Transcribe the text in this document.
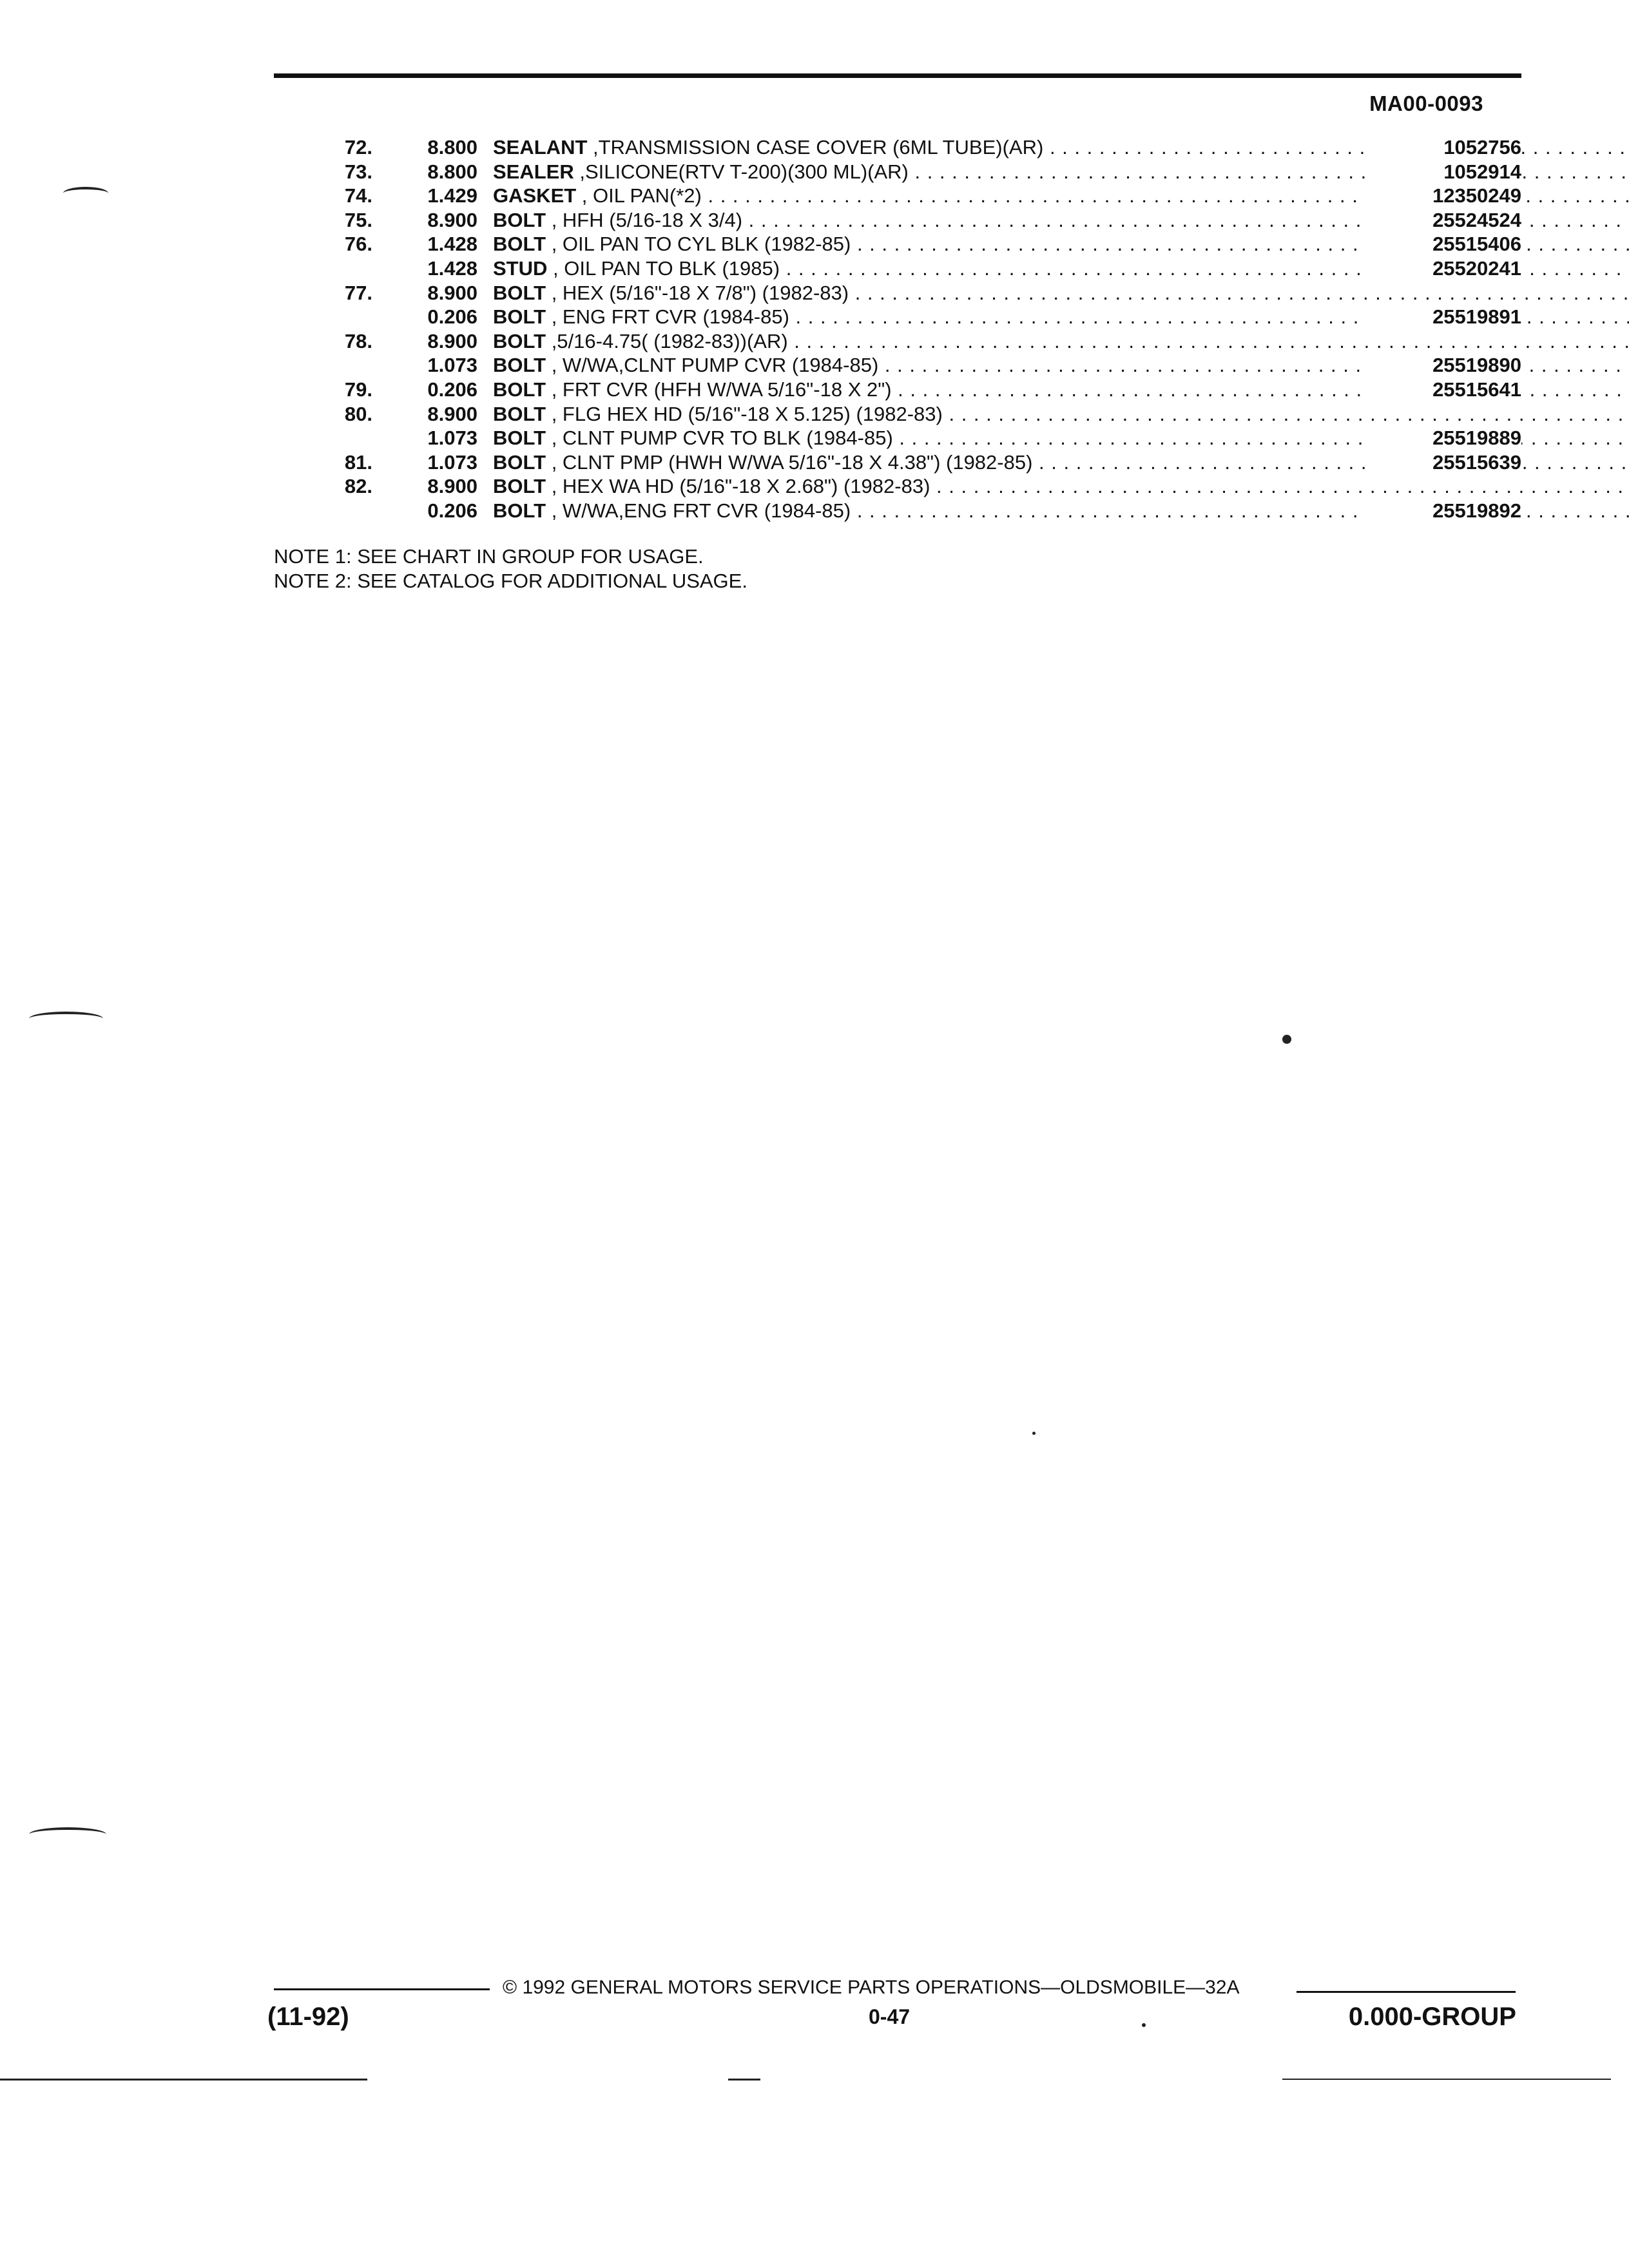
MA00-0093
72.	8.800 SEALANT ,TRANSMISSION CASE COVER (6ML TUBE)(AR) . . .	1052756
73.	8.800 SEALER ,SILICONE(RTV T-200)(300 ML)(AR) . . .	1052914
74.	1.429 GASKET , OIL PAN(*2) . . .	12350249
75.	8.900 BOLT , HFH (5/16-18 X 3/4) . . .	25524524
76.	1.428 BOLT , OIL PAN TO CYL BLK (1982-85) . . .	25515406
1.428 STUD , OIL PAN TO BLK (1985) . . .	25520241
77.	8.900 BOLT , HEX (5/16"-18 X 7/8") (1982-83) . . .
0.206 BOLT , ENG FRT CVR (1984-85) . . .	25519891
78.	8.900 BOLT ,5/16-4.75( (1982-83))(AR) . . .
1.073 BOLT , W/WA,CLNT PUMP CVR (1984-85) . . .	25519890
79.	0.206 BOLT , FRT CVR (HFH W/WA 5/16"-18 X 2") . . .	25515641
80.	8.900 BOLT , FLG HEX HD (5/16"-18 X 5.125) (1982-83) . . .
1.073 BOLT , CLNT PUMP CVR TO BLK (1984-85) . . .	25519889
81.	1.073 BOLT , CLNT PMP (HWH W/WA 5/16"-18 X 4.38") (1982-85) . . .	25515639
82.	8.900 BOLT , HEX WA HD (5/16"-18 X 2.68") (1982-83) . . .
0.206 BOLT , W/WA,ENG FRT CVR (1984-85) . . .	25519892
NOTE 1: SEE CHART IN GROUP FOR USAGE.
NOTE 2: SEE CATALOG FOR ADDITIONAL USAGE.
© 1992 GENERAL MOTORS SERVICE PARTS OPERATIONS—OLDSMOBILE—32A
(11-92)	0-47	0.000-GROUP
